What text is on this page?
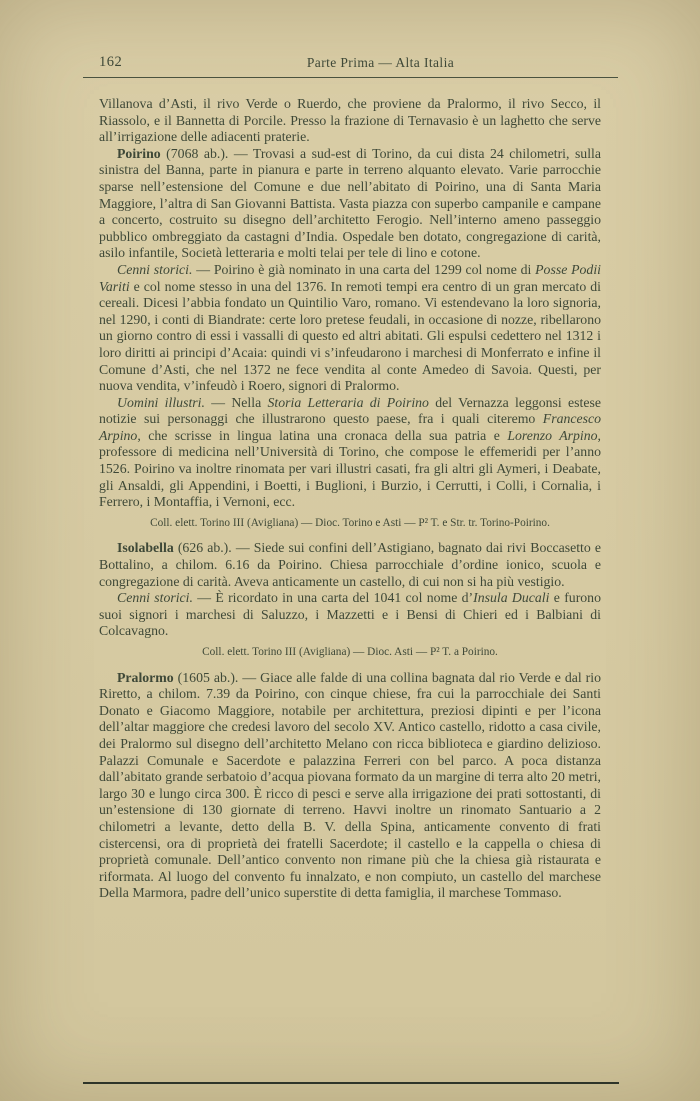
162	Parte Prima — Alta Italia

Villanova d’Asti, il rivo Verde o Ruerdo, che proviene da Pralormo, il rivo Secco, il Riassolo, e il Bannetta di Porcile. Presso la frazione di Ternavasio è un laghetto che serve all’irrigazione delle adiacenti praterie.

Poirino (7068 ab.). — Trovasi a sud-est di Torino, da cui dista 24 chilometri, sulla sinistra del Banna, parte in pianura e parte in terreno alquanto elevato. Varie parrocchie sparse nell’estensione del Comune e due nell’abitato di Poirino, una di Santa Maria Maggiore, l’altra di San Giovanni Battista. Vasta piazza con superbo campanile e campane a concerto, costruito su disegno dell’architetto Ferogio. Nell’interno ameno passeggio pubblico ombreggiato da castagni d’India. Ospedale ben dotato, congregazione di carità, asilo infantile, Società letteraria e molti telai per tele di lino e cotone.

Cenni storici. — Poirino è già nominato in una carta del 1299 col nome di Posse Podii Variti e col nome stesso in una del 1376. In remoti tempi era centro di un gran mercato di cereali. Dicesi l’abbia fondato un Quintilio Varo, romano. Vi estendevano la loro signoria, nel 1290, i conti di Biandrate: certe loro pretese feudali, in occasione di nozze, ribellarono un giorno contro di essi i vassalli di questo ed altri abitati. Gli espulsi cedettero nel 1312 i loro diritti ai principi d’Acaia: quindi vi s’infeudarono i marchesi di Monferrato e infine il Comune d’Asti, che nel 1372 ne fece vendita al conte Amedeo di Savoia. Questi, per nuova vendita, v’infeudò i Roero, signori di Pralormo.

Uomini illustri. — Nella Storia Letteraria di Poirino del Vernazza leggonsi estese notizie sui personaggi che illustrarono questo paese, fra i quali citeremo Francesco Arpino, che scrisse in lingua latina una cronaca della sua patria e Lorenzo Arpino, professore di medicina nell’Università di Torino, che compose le effemeridi per l’anno 1526. Poirino va inoltre rinomata per vari illustri casati, fra gli altri gli Aymeri, i Deabate, gli Ansaldi, gli Appendini, i Boetti, i Buglioni, i Burzio, i Cerrutti, i Colli, i Cornalia, i Ferrero, i Montaffia, i Vernoni, ecc.

Coll. elett. Torino III (Avigliana) — Dioc. Torino e Asti — P² T. e Str. tr. Torino-Poirino.

Isolabella (626 ab.). — Siede sui confini dell’Astigiano, bagnato dai rivi Boccasetto e Bottalino, a chilom. 6.16 da Poirino. Chiesa parrocchiale d’ordine ionico, scuola e congregazione di carità. Aveva anticamente un castello, di cui non si ha più vestigio.

Cenni storici. — È ricordato in una carta del 1041 col nome d’Insula Ducali e furono suoi signori i marchesi di Saluzzo, i Mazzetti e i Bensi di Chieri ed i Balbiani di Colcavagno.

Coll. elett. Torino III (Avigliana) — Dioc. Asti — P² T. a Poirino.

Pralormo (1605 ab.). — Giace alle falde di una collina bagnata dal rio Verde e dal rio Riretto, a chilom. 7.39 da Poirino, con cinque chiese, fra cui la parrocchiale dei Santi Donato e Giacomo Maggiore, notabile per architettura, preziosi dipinti e per l’icona dell’altar maggiore che credesi lavoro del secolo XV. Antico castello, ridotto a casa civile, dei Pralormo sul disegno dell’architetto Melano con ricca biblioteca e giardino delizioso. Palazzi Comunale e Sacerdote e palazzina Ferreri con bel parco. A poca distanza dall’abitato grande serbatoio d’acqua piovana formato da un margine di terra alto 20 metri, largo 30 e lungo circa 300. È ricco di pesci e serve alla irrigazione dei prati sottostanti, di un’estensione di 130 giornate di terreno. Havvi inoltre un rinomato Santuario a 2 chilometri a levante, detto della B. V. della Spina, anticamente convento di frati cistercensi, ora di proprietà dei fratelli Sacerdote; il castello e la cappella o chiesa di proprietà comunale. Dell’antico convento non rimane più che la chiesa già ristaurata e riformata. Al luogo del convento fu innalzato, e non compiuto, un castello del marchese Della Marmora, padre dell’unico superstite di detta famiglia, il marchese Tommaso.
